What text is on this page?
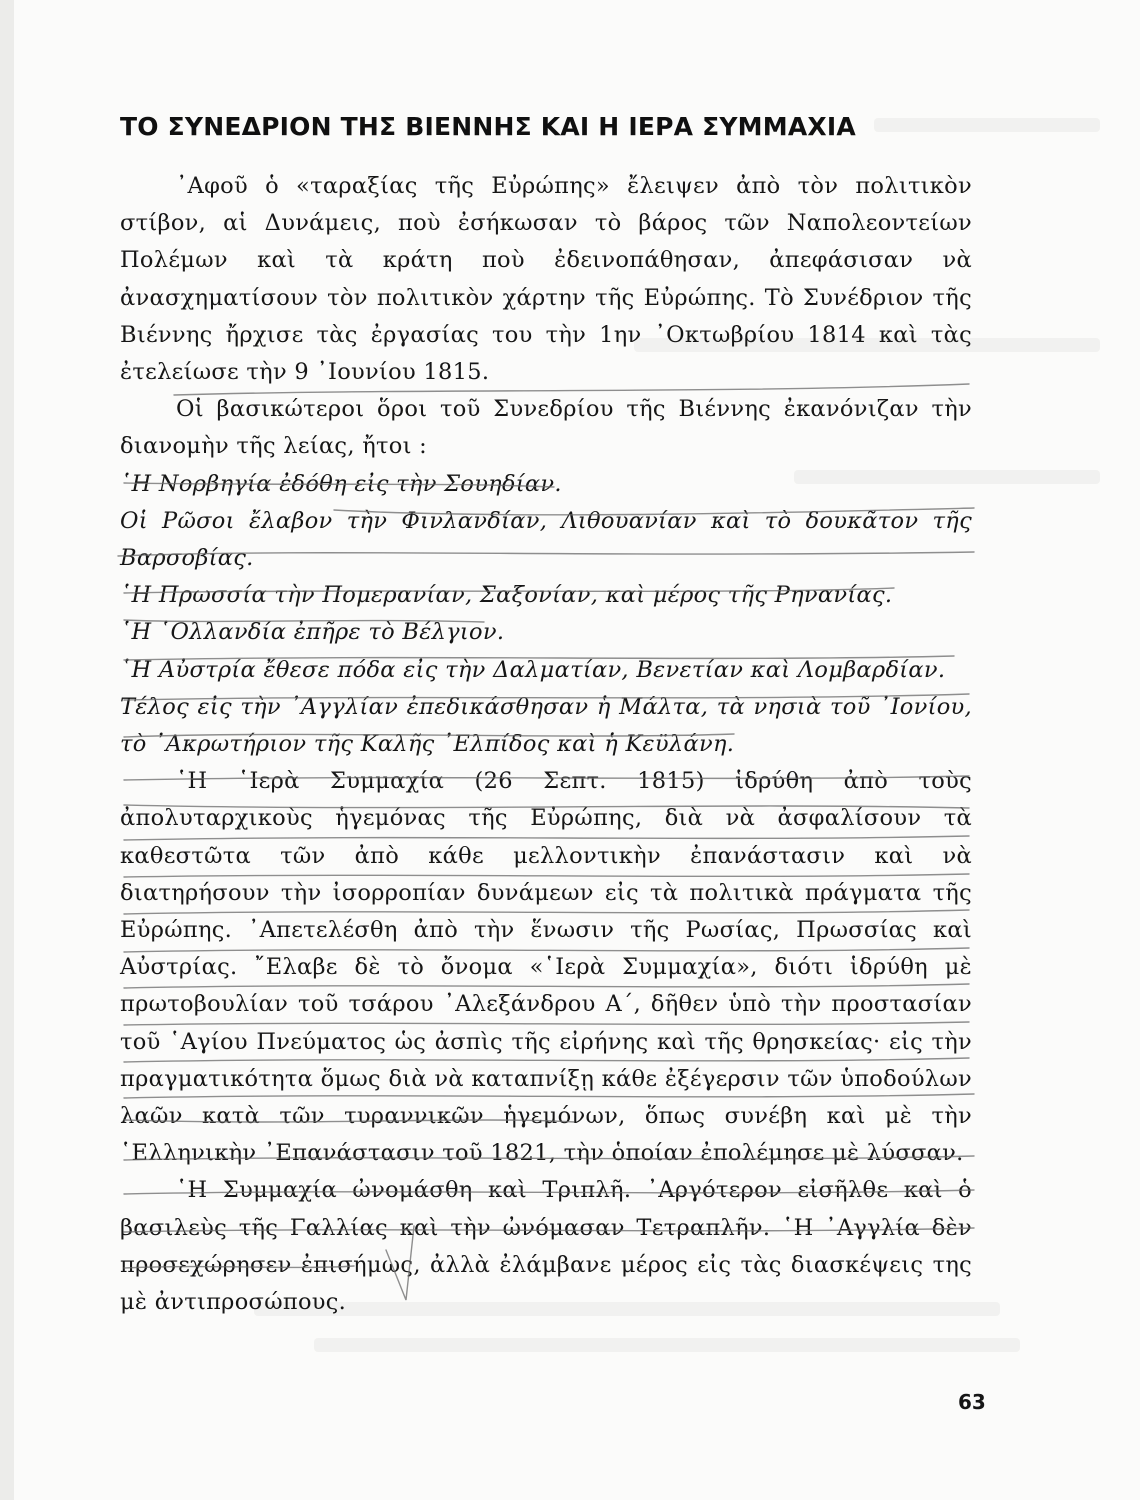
ΤΟ ΣΥΝΕΔΡΙΟΝ ΤΗΣ ΒΙΕΝΝΗΣ ΚΑΙ Η ΙΕΡΑ ΣΥΜΜΑΧΙΑ

᾿Αφοῦ ὁ «ταραξίας τῆς Εὐρώπης» ἔλειψεν ἀπὸ τὸν πολιτικὸν στίβον, αἱ Δυνάμεις, ποὺ ἐσήκωσαν τὸ βάρος τῶν Ναπολεοντείων Πολέμων καὶ τὰ κράτη ποὺ ἐδεινοπάθησαν, ἀπεφάσισαν νὰ ἀνασχηματίσουν τὸν πολιτικὸν χάρτην τῆς Εὐρώπης. Τὸ Συνέδριον τῆς Βιέννης ἤρχισε τὰς ἐργασίας του τὴν 1ην ᾿Οκτωβρίου 1814 καὶ τὰς ἐτελείωσε τὴν 9 ᾿Ιουνίου 1815.

Οἱ βασικώτεροι ὅροι τοῦ Συνεδρίου τῆς Βιέννης ἐκανόνιζαν τὴν διανομὴν τῆς λείας, ἤτοι :

῾Η Νορβηγία ἐδόθη εἰς τὴν Σουηδίαν.

Οἱ Ρῶσοι ἔλαβον τὴν Φινλανδίαν, Λιθουανίαν καὶ τὸ δουκᾶτον τῆς Βαρσοβίας.

῾Η Πρωσσία τὴν Πομερανίαν, Σαξονίαν, καὶ μέρος τῆς Ρηνανίας.

῾Η ῾Ολλανδία ἐπῆρε τὸ Βέλγιον.

῾Η Αὐστρία ἔθεσε πόδα εἰς τὴν Δαλματίαν, Βενετίαν καὶ Λομβαρδίαν.

Τέλος εἰς τὴν ᾿Αγγλίαν ἐπεδικάσθησαν ἡ Μάλτα, τὰ νησιὰ τοῦ ᾿Ιονίου, τὸ ᾿Ακρωτήριον τῆς Καλῆς ᾿Ελπίδος καὶ ἡ Κεϋλάνη.

῾Η ῾Ιερὰ Συμμαχία (26 Σεπτ. 1815) ἱδρύθη ἀπὸ τοὺς ἀπολυταρχικοὺς ἡγεμόνας τῆς Εὐρώπης, διὰ νὰ ἀσφαλίσουν τὰ καθεστῶτα τῶν ἀπὸ κάθε μελλοντικὴν ἐπανάστασιν καὶ νὰ διατηρήσουν τὴν ἰσορροπίαν δυνάμεων εἰς τὰ πολιτικὰ πράγματα τῆς Εὐρώπης. ᾿Απετελέσθη ἀπὸ τὴν ἕνωσιν τῆς Ρωσίας, Πρωσσίας καὶ Αὐστρίας. ῎Ελαβε δὲ τὸ ὄνομα «῾Ιερὰ Συμμαχία», διότι ἱδρύθη μὲ πρωτοβουλίαν τοῦ τσάρου ᾿Αλεξάνδρου Α΄, δῆθεν ὑπὸ τὴν προστασίαν τοῦ ῾Αγίου Πνεύματος ὡς ἀσπὶς τῆς εἰρήνης καὶ τῆς θρησκείας· εἰς τὴν πραγματικότητα ὅμως διὰ νὰ καταπνίξῃ κάθε ἐξέγερσιν τῶν ὑποδούλων λαῶν κατὰ τῶν τυραννικῶν ἡγεμόνων, ὅπως συνέβη καὶ μὲ τὴν ῾Ελληνικὴν ᾿Επανάστασιν τοῦ 1821, τὴν ὁποίαν ἐπολέμησε μὲ λύσσαν.

῾Η Συμμαχία ὠνομάσθη καὶ Τριπλῆ. ᾿Αργότερον εἰσῆλθε καὶ ὁ βασιλεὺς τῆς Γαλλίας καὶ τὴν ὠνόμασαν Τετραπλῆν. ῾Η ᾿Αγγλία δὲν προσεχώρησεν ἐπισήμως, ἀλλὰ ἐλάμβανε μέρος εἰς τὰς διασκέψεις της μὲ ἀντιπροσώπους.

63
